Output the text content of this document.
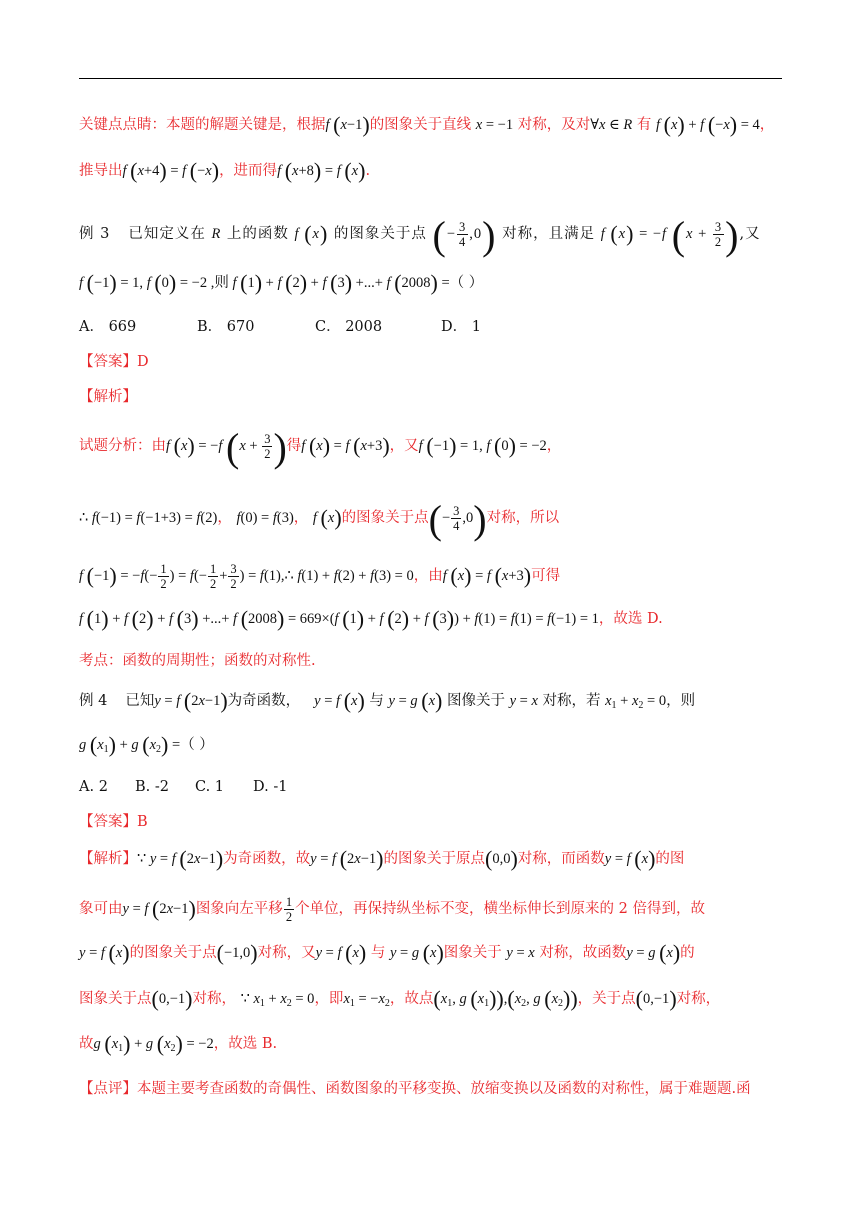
关键点点睛：本题的解题关键是，根据f (x−1)的图象关于直线 x = −1 对称，及对∀x ∈ R 有 f (x) + f (−x) = 4，
推导出f (x+4) = f (−x)，进而得f (x+8) = f (x).
例 3 已知定义在 R 上的函数 f (x) 的图象关于点 (− $\frac{3}{4} ,0$) 对称，且满足 f (x) = −f ($x + \frac{3}{2}$ ),又
f (−1) = 1, f (0) = −2 ,则 f (1) + f (2) + f (3) +...+ f (2008) =（ ）
A． 669	B． 670	C． 2008	D． 1
【答案】D
【解析】
试题分析：由f (x) = −f ($x + \frac{3}{2}$ )得f (x) = f (x+3)，又f (−1) = 1, f (0) = −2，
∴ f(−1) = f(−1+3) = f(2)， f(0) = f(3)， f (x)的图象关于点(− $\frac{3}{4} ,0$)对称，所以
f $(-1) = -f(- \frac{1}{2}$ ) = $f(- \frac{1}{2} + \frac{3}{2}$ ) = f(1),∴ f(1) + f(2) + f(3) = 0，由f (x) = f (x+3)可得
f (1) + f (2) + f (3) +...+ f (2008) = 669×(f (1) + f (2) + f (3)) + f(1) = f(1) = f(−1) = 1，故选 D.
考点：函数的周期性；函数的对称性.
例 4 已知y = f (2x−1)为奇函数， y = f (x) 与 y = g (x) 图像关于 y = x 对称，若 $x_1 + x_2 = 0$，则
g $(x_1) + g$ $(x_2)$ =（ ）
A. 2 B. -2 C. 1 D. -1
【答案】B
【解析】∵ y = f (2x−1)为奇函数，故y = f (2x−1)的图象关于原点(0,0)对称，而函数y = f (x)的图
象可由y = f (2x−1)图象向左平移 $\frac{1}{2}$ 个单位，再保持纵坐标不变，横坐标伸长到原来的 2 倍得到，故
y = f (x)的图象关于点(−1,0)对称，又y = f (x) 与 y = g (x)图象关于 y = x 对称，故函数y = g (x)的
图象关于点(0,−1)对称， ∵ $x_1 + x_2 = 0$，即$x_1 = -x_2$，故点($x_1$, g $(x_1)),(x_2$, g $(x_2)$)，关于点(0,−1)对称，
故g $(x_1) + g$ $(x_2) = -2$，故选 B.
【点评】本题主要考查函数的奇偶性、函数图象的平移变换、放缩变换以及函数的对称性，属于难题题.函
